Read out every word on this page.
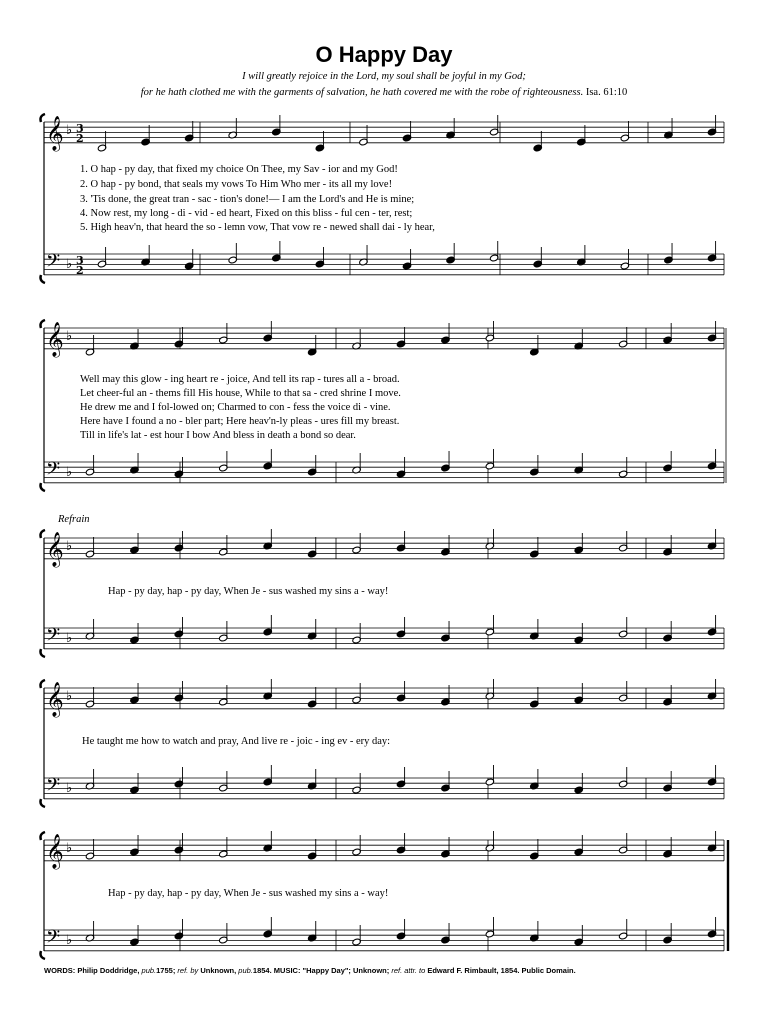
O Happy Day
I will greatly rejoice in the Lord, my soul shall be joyful in my God;
for he hath clothed me with the garments of salvation, he hath covered me with the robe of righteousness. Isa. 61:10
𝄞 ♭ 3
2
𝄢 ♭ 3
2
1. O hap - py day, that fixed my choice On Thee, my Sav - ior and my God!
2. O hap - py bond, that seals my vows To Him Who mer - its all my love!
3. 'Tis done, the great tran - sac - tion's done!— I am the Lord's and He is mine;
4. Now rest, my long - di - vid - ed heart, Fixed on this bliss - ful cen - ter, rest;
5. High heav'n, that heard the so - lemn vow, That vow re - newed shall dai - ly hear,
𝄞 ♭
𝄢 ♭
Well may this glow - ing heart re - joice, And tell its rap - tures all a - broad.
Let cheer-ful an - thems fill His house, While to that sa - cred shrine I move.
He drew me and I fol-lowed on; Charmed to con - fess the voice di - vine.
Here have I found a no - bler part; Here heav'n-ly pleas - ures fill my breast.
Till in life's lat - est hour I bow And bless in death a bond so dear.
Refrain
𝄞 ♭
𝄢 ♭
Hap - py day, hap - py day, When Je - sus washed my sins a - way!
𝄞 ♭
𝄢 ♭
He taught me how to watch and pray, And live re - joic - ing ev - ery day:
𝄞 ♭
𝄢 ♭
Hap - py day, hap - py day, When Je - sus washed my sins a - way!
WORDS: Philip Doddridge, pub.1755; ref. by Unknown, pub.1854. MUSIC: "Happy Day"; Unknown; ref. attr. to Edward F. Rimbault, 1854. Public Domain.
